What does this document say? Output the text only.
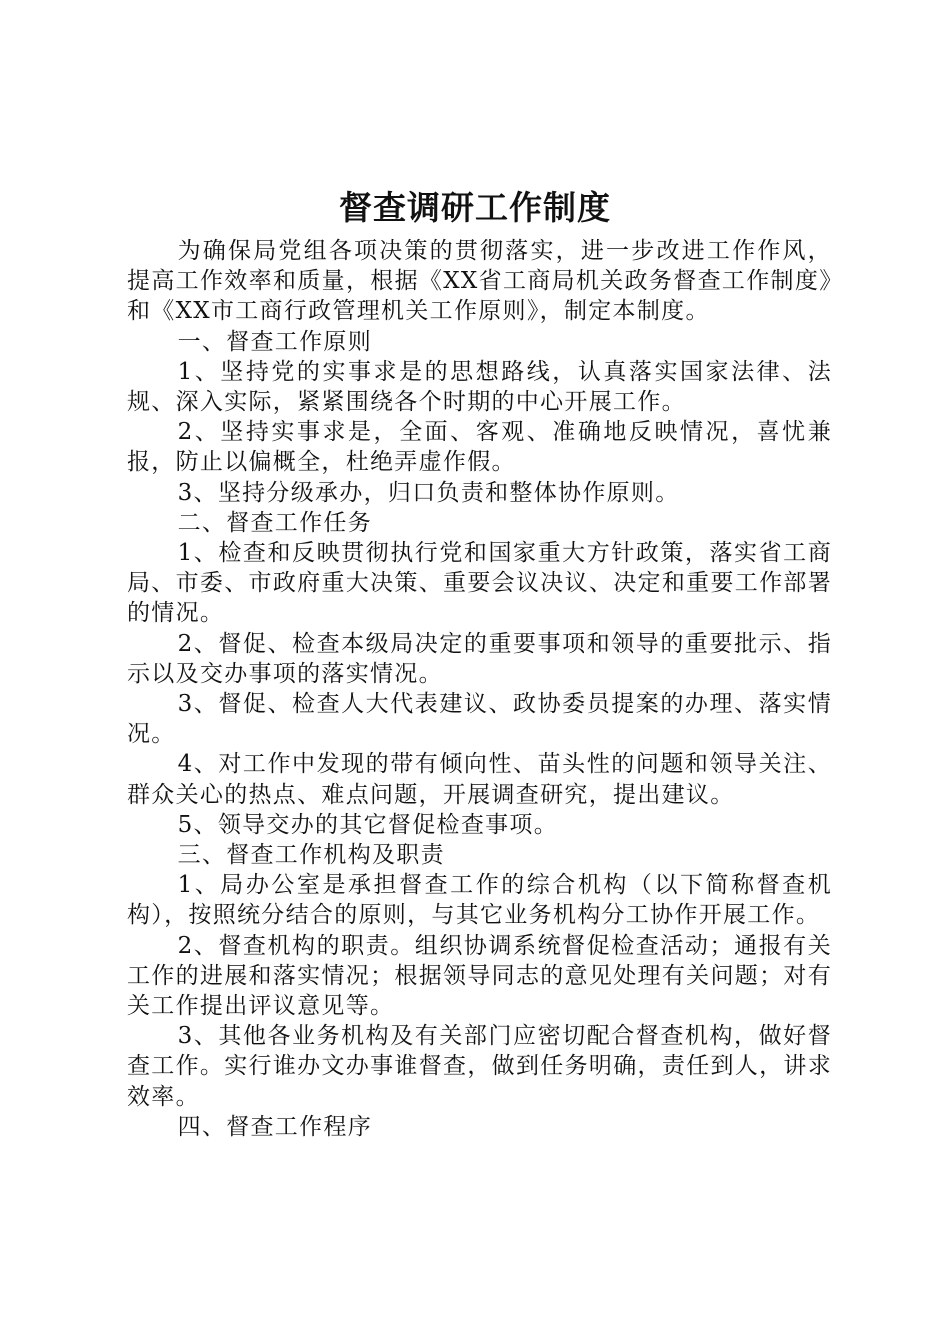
督查调研工作制度

为确保局党组各项决策的贯彻落实，进一步改进工作作风，提高工作效率和质量，根据《XX省工商局机关政务督查工作制度》和《XX市工商行政管理机关工作原则》，制定本制度。

一、督查工作原则

1、坚持党的实事求是的思想路线，认真落实国家法律、法规、深入实际，紧紧围绕各个时期的中心开展工作。

2、坚持实事求是，全面、客观、准确地反映情况，喜忧兼报，防止以偏概全，杜绝弄虚作假。

3、坚持分级承办，归口负责和整体协作原则。

二、督查工作任务

1、检查和反映贯彻执行党和国家重大方针政策，落实省工商局、市委、市政府重大决策、重要会议决议、决定和重要工作部署的情况。

2、督促、检查本级局决定的重要事项和领导的重要批示、指示以及交办事项的落实情况。

3、督促、检查人大代表建议、政协委员提案的办理、落实情况。

4、对工作中发现的带有倾向性、苗头性的问题和领导关注、群众关心的热点、难点问题，开展调查研究，提出建议。

5、领导交办的其它督促检查事项。

三、督查工作机构及职责

1、局办公室是承担督查工作的综合机构（以下简称督查机构），按照统分结合的原则，与其它业务机构分工协作开展工作。

2、督查机构的职责。组织协调系统督促检查活动；通报有关工作的进展和落实情况；根据领导同志的意见处理有关问题；对有关工作提出评议意见等。

3、其他各业务机构及有关部门应密切配合督查机构，做好督查工作。实行谁办文办事谁督查，做到任务明确，责任到人，讲求效率。

四、督查工作程序
